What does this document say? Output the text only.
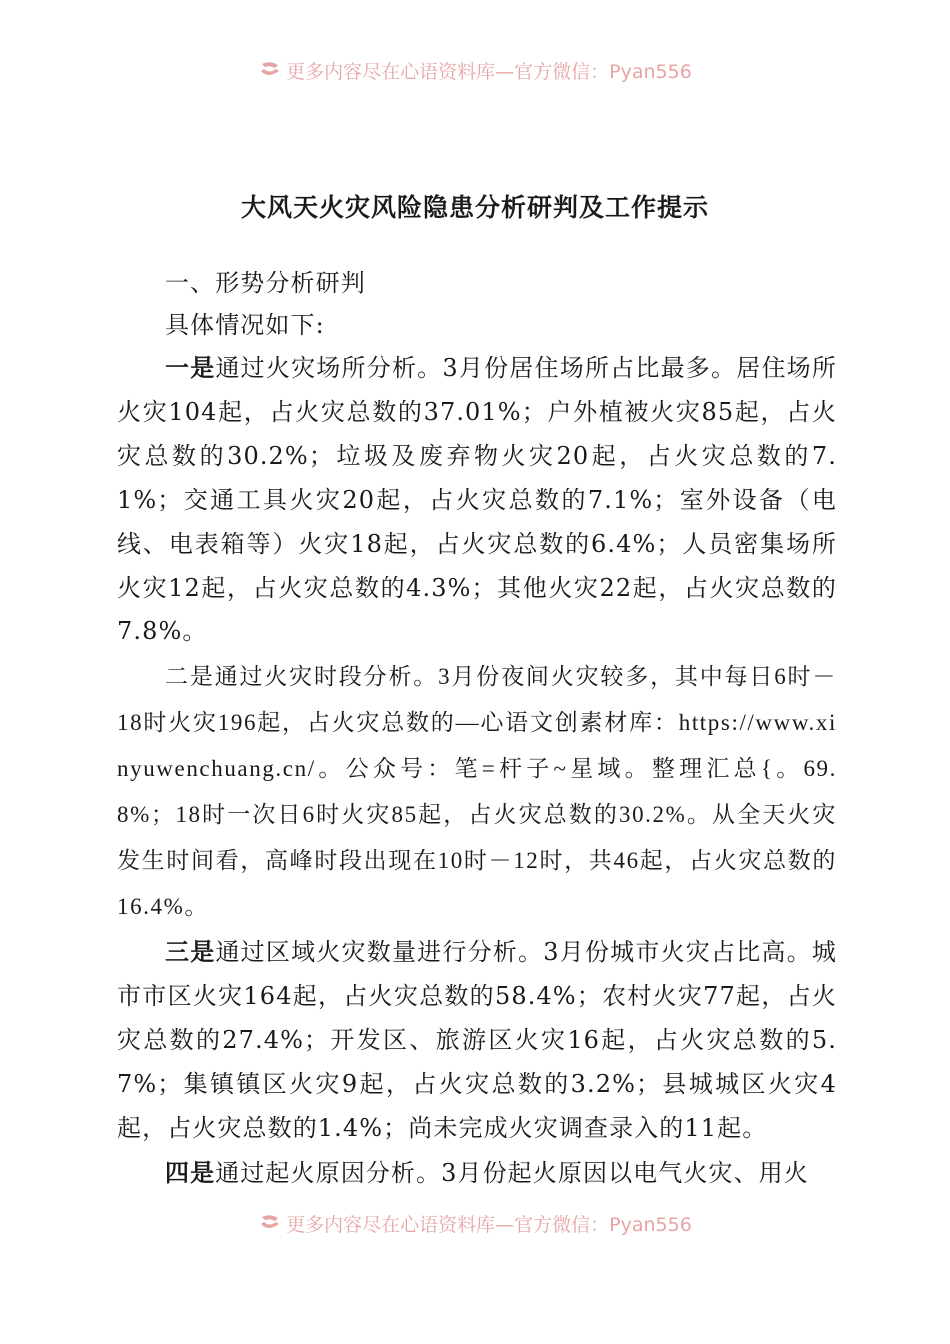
更多内容尽在心语资料库—官方微信：Pyan556
大风天火灾风险隐患分析研判及工作提示

一、形势分析研判

具体情况如下:

一是通过火灾场所分析。3月份居住场所占比最多。居住场所火灾104起，占火灾总数的37.01%；户外植被火灾85起，占火灾总数的30.2%；垃圾及废弃物火灾20起，占火灾总数的7.1%；交通工具火灾20起，占火灾总数的7.1%；室外设备（电线、电表箱等）火灾18起，占火灾总数的6.4%；人员密集场所火灾12起，占火灾总数的4.3%；其他火灾22起，占火灾总数的7.8%。

二是通过火灾时段分析。3月份夜间火灾较多，其中每日6时－18时火灾196起，占火灾总数的—心语文创素材库：https://www.xinyuwenchuang.cn/。公众号：笔=杆子~星域。整理汇总{。69.8%；18时一次日6时火灾85起，占火灾总数的30.2%。从全天火灾发生时间看，高峰时段出现在10时－12时，共46起，占火灾总数的16.4%。

三是通过区域火灾数量进行分析。3月份城市火灾占比高。城市市区火灾164起，占火灾总数的58.4%；农村火灾77起，占火灾总数的27.4%；开发区、旅游区火灾16起，占火灾总数的5.7%；集镇镇区火灾9起，占火灾总数的3.2%；县城城区火灾4起，占火灾总数的1.4%；尚未完成火灾调查录入的11起。

四是通过起火原因分析。3月份起火原因以电气火灾、用火

更多内容尽在心语资料库—官方微信：Pyan556
